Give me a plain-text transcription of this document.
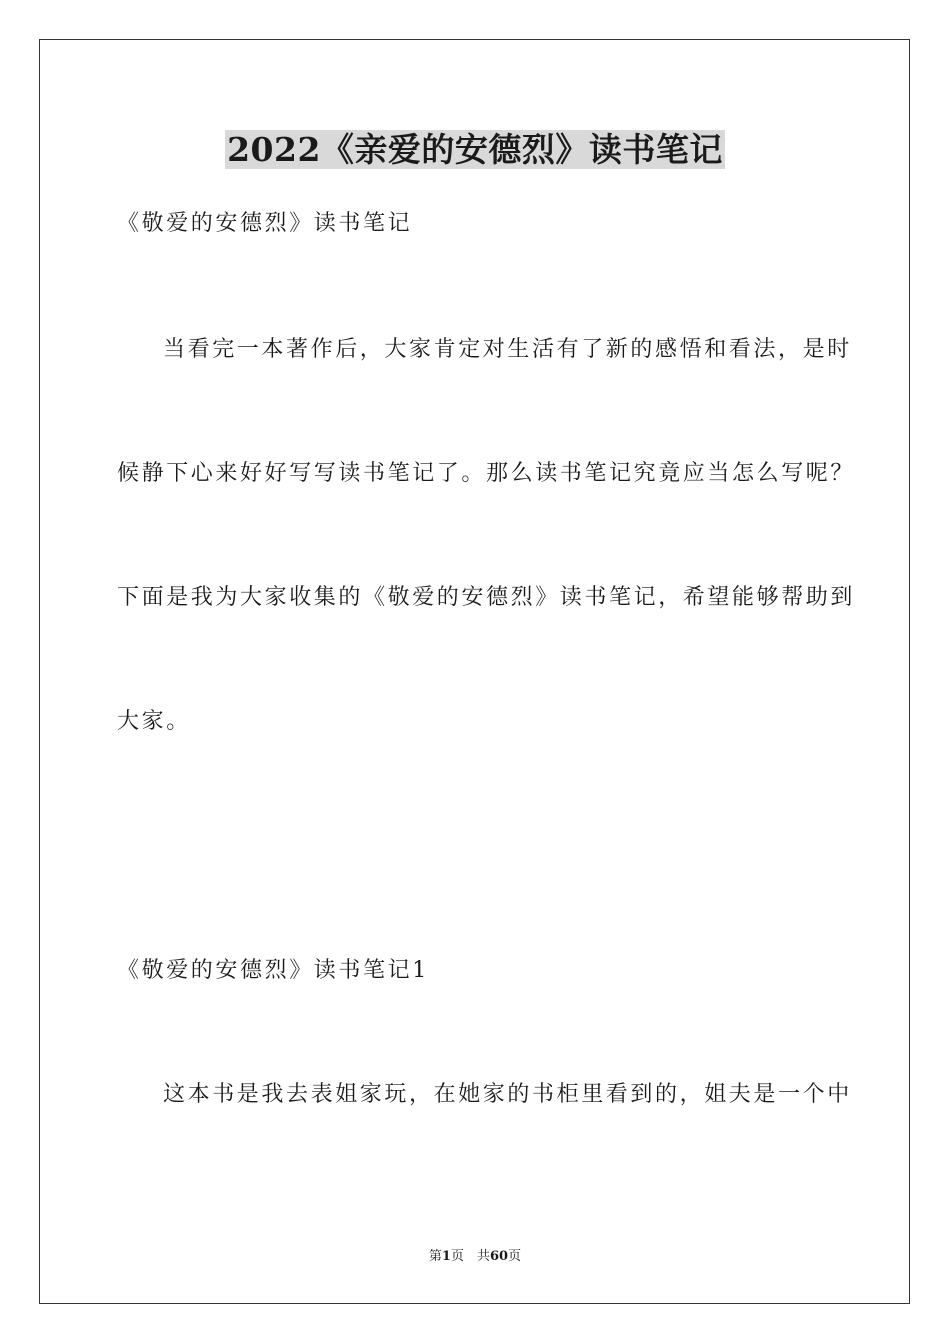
2022《亲爱的安德烈》读书笔记

《敬爱的安德烈》读书笔记

当看完一本著作后，大家肯定对生活有了新的感悟和看法，是时

候静下心来好好写写读书笔记了。那么读书笔记究竟应当怎么写呢？

下面是我为大家收集的《敬爱的安德烈》读书笔记，希望能够帮助到

大家。

《敬爱的安德烈》读书笔记1

这本书是我去表姐家玩，在她家的书柜里看到的，姐夫是一个中

第1页　共60页
